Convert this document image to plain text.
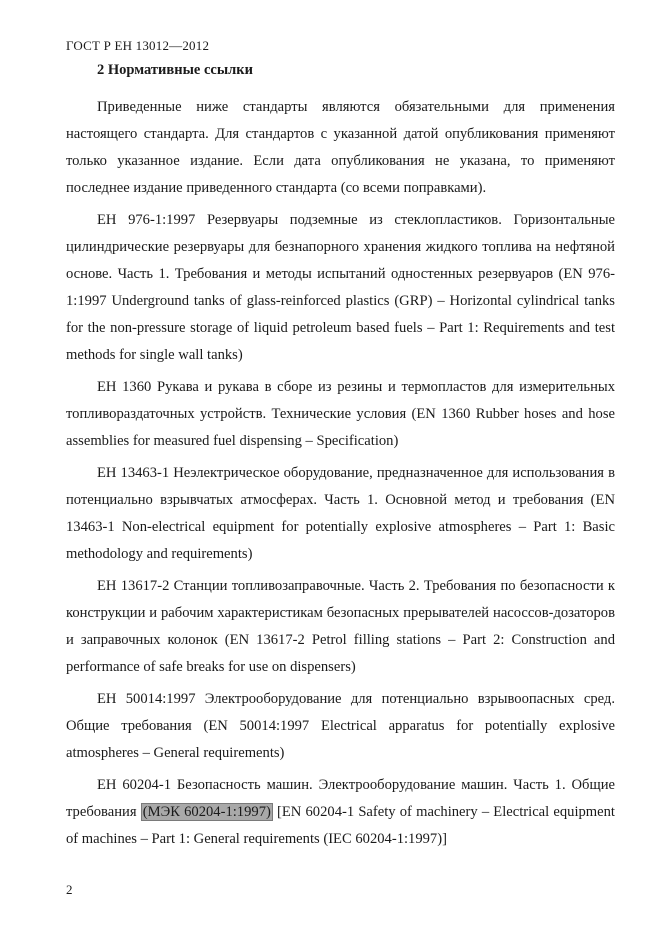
ГОСТ Р ЕН 13012—2012
2 Нормативные ссылки

Приведенные ниже стандарты являются обязательными для применения настоящего стандарта. Для стандартов с указанной датой опубликования применяют только указанное издание. Если дата опубликования не указана, то применяют последнее издание приведенного стандарта (со всеми поправками).

ЕН 976-1:1997 Резервуары подземные из стеклопластиков. Горизонтальные цилиндрические резервуары для безнапорного хранения жидкого топлива на нефтяной основе. Часть 1. Требования и методы испытаний одностенных резервуаров (EN 976-1:1997 Underground tanks of glass-reinforced plastics (GRP) – Horizontal cylindrical tanks for the non-pressure storage of liquid petroleum based fuels – Part 1: Requirements and test methods for single wall tanks)

ЕН 1360 Рукава и рукава в сборе из резины и термопластов для измерительных топливораздаточных устройств. Технические условия (EN 1360 Rubber hoses and hose assemblies for measured fuel dispensing – Specification)

ЕН 13463-1 Неэлектрическое оборудование, предназначенное для использования в потенциально взрывчатых атмосферах. Часть 1. Основной метод и требования (EN 13463-1 Non-electrical equipment for potentially explosive atmospheres – Part 1: Basic methodology and requirements)

ЕН 13617-2 Станции топливозаправочные. Часть 2. Требования по безопасности к конструкции и рабочим характеристикам безопасных прерывателей насоссов-дозаторов и заправочных колонок (EN 13617-2 Petrol filling stations – Part 2: Construction and performance of safe breaks for use on dispensers)

ЕН 50014:1997 Электрооборудование для потенциально взрывоопасных сред. Общие требования (EN 50014:1997 Electrical apparatus for potentially explosive atmospheres – General requirements)

ЕН 60204-1 Безопасность машин. Электрооборудование машин. Часть 1. Общие требования (МЭК 60204-1:1997) [EN 60204-1 Safety of machinery – Electrical equipment of machines – Part 1: General requirements (IEC 60204-1:1997)]

2
